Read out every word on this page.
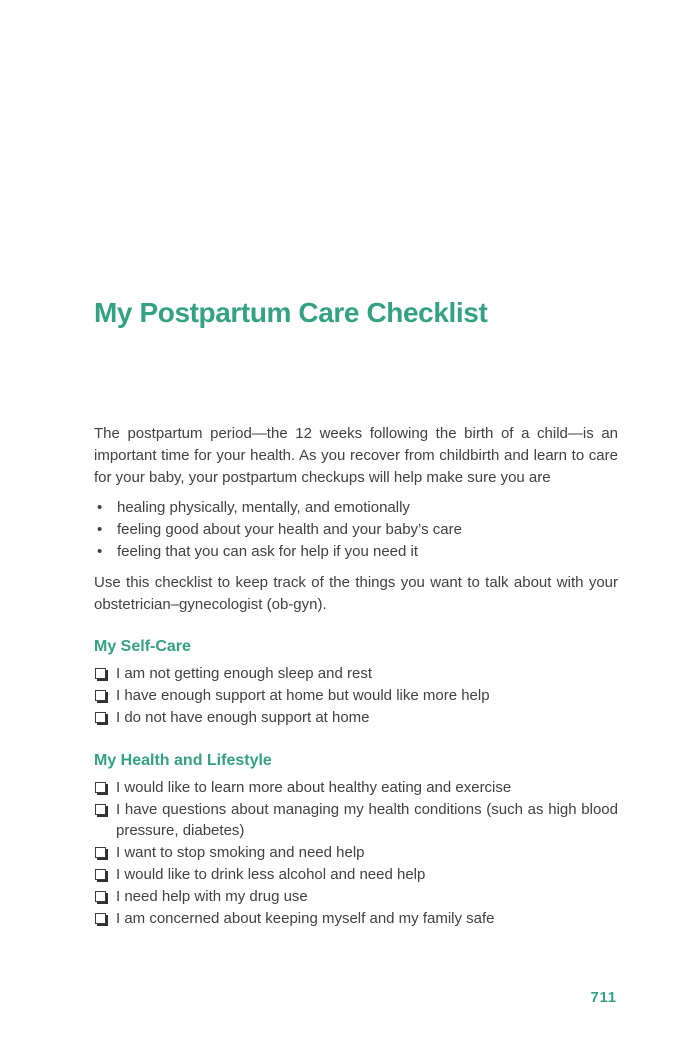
My Postpartum Care Checklist

The postpartum period—the 12 weeks following the birth of a child—is an important time for your health. As you recover from childbirth and learn to care for your baby, your postpartum checkups will help make sure you are

• healing physically, mentally, and emotionally
• feeling good about your health and your baby’s care
• feeling that you can ask for help if you need it

Use this checklist to keep track of the things you want to talk about with your obstetrician–gynecologist (ob-gyn).

My Self-Care
I am not getting enough sleep and rest
I have enough support at home but would like more help
I do not have enough support at home
My Health and Lifestyle
I would like to learn more about healthy eating and exercise
I have questions about managing my health conditions (such as high blood pressure, diabetes)
I want to stop smoking and need help
I would like to drink less alcohol and need help
I need help with my drug use
I am concerned about keeping myself and my family safe
711
